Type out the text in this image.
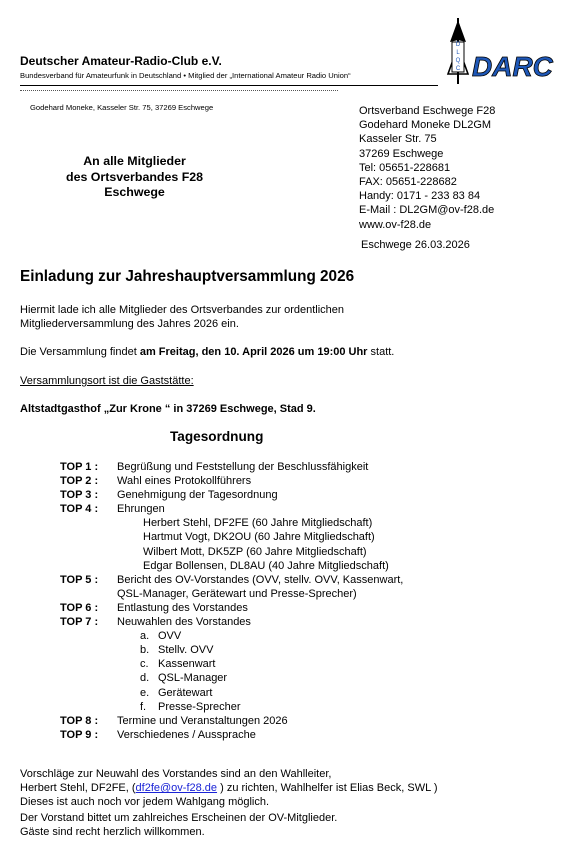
Deutscher Amateur-Radio-Club e.V.
Bundesverband für Amateurfunk in Deutschland • Mitglied der „International Amateur Radio Union“
D
L
Q
C DARC
Godehard Moneke, Kasseler Str. 75, 37269 Eschwege
An alle Mitglieder
des Ortsverbandes F28
Eschwege
Ortsverband Eschwege F28
Godehard Moneke DL2GM
Kasseler Str. 75
37269 Eschwege
Tel: 05651-228681
FAX: 05651-228682
Handy: 0171 - 233 83 84
E-Mail : DL2GM@ov-f28.de
www.ov-f28.de
Eschwege 26.03.2026
Einladung zur Jahreshauptversammlung 2026
Hiermit lade ich alle Mitglieder des Ortsverbandes zur ordentlichen
Mitgliederversammlung des Jahres 2026 ein.
Die Versammlung findet am Freitag, den 10. April 2026 um 19:00 Uhr statt.
Versammlungsort ist die Gaststätte:
Altstadtgasthof „Zur Krone “ in 37269 Eschwege, Stad 9.
Tagesordnung
TOP 1 :	Begrüßung und Feststellung der Beschlussfähigkeit
TOP 2 :	Wahl eines Protokollführers
TOP 3 :	Genehmigung der Tagesordnung
TOP 4 :	Ehrungen
Herbert Stehl, DF2FE (60 Jahre Mitgliedschaft)
Hartmut Vogt, DK2OU (60 Jahre Mitgliedschaft)
Wilbert Mott, DK5ZP (60 Jahre Mitgliedschaft)
Edgar Bollensen, DL8AU (40 Jahre Mitgliedschaft)
TOP 5 :	Bericht des OV-Vorstandes (OVV, stellv. OVV, Kassenwart,
QSL-Manager, Gerätewart und Presse-Sprecher)
TOP 6 :	Entlastung des Vorstandes
TOP 7 :	Neuwahlen des Vorstandes
a. OVV
b. Stellv. OVV
c. Kassenwart
d. QSL-Manager
e. Gerätewart
f.	Presse-Sprecher
TOP 8 :	Termine und Veranstaltungen 2026
TOP 9 :	Verschiedenes / Aussprache
Vorschläge zur Neuwahl des Vorstandes sind an den Wahlleiter,
Herbert Stehl, DF2FE, (df2fe@ov-f28.de ) zu richten, Wahlhelfer ist Elias Beck, SWL )
Dieses ist auch noch vor jedem Wahlgang möglich.
Der Vorstand bittet um zahlreiches Erscheinen der OV-Mitglieder.
Gäste sind recht herzlich willkommen.
